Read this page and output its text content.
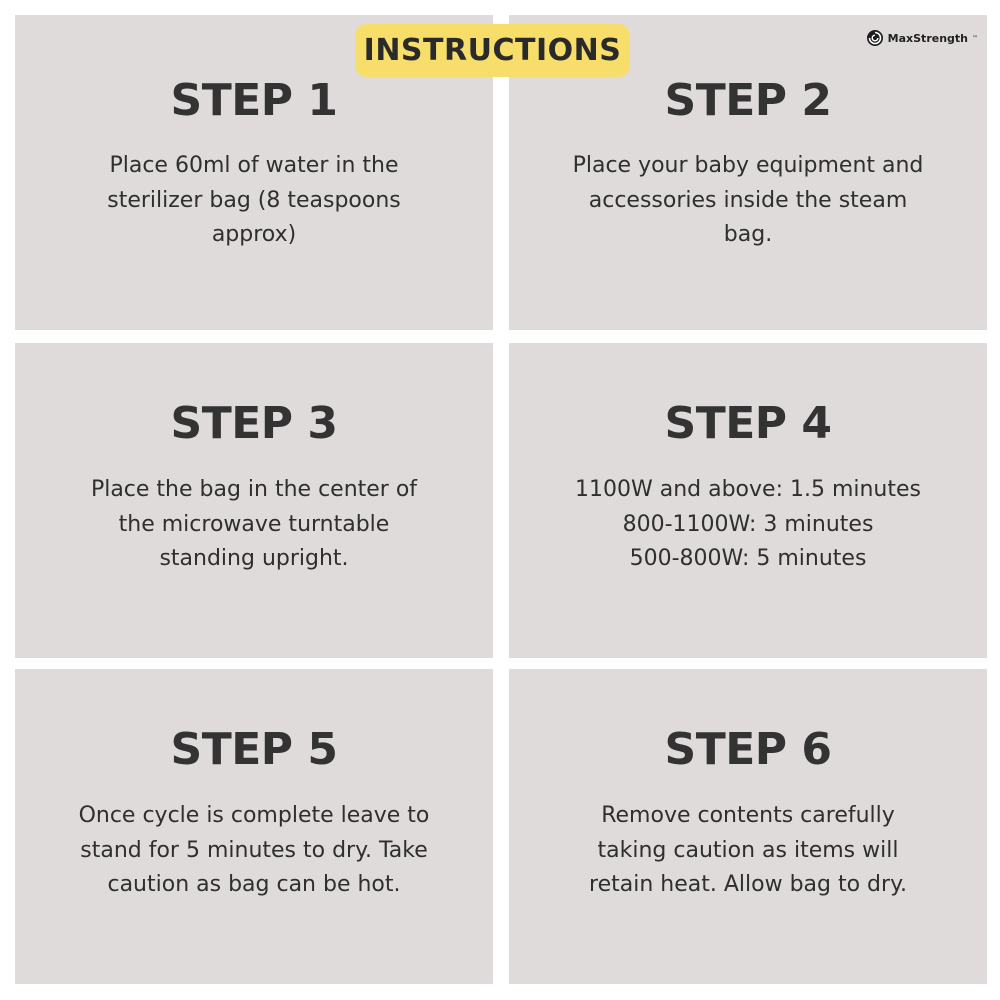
STEP 1
Place 60ml of water in the
sterilizer bag (8 teaspoons
approx)
STEP 2
Place your baby equipment and
accessories inside the steam
bag.
STEP 3
Place the bag in the center of
the microwave turntable
standing upright.
STEP 4
1100W and above: 1.5 minutes
800-1100W: 3 minutes
500-800W: 5 minutes
STEP 5
Once cycle is complete leave to
stand for 5 minutes to dry. Take
caution as bag can be hot.
STEP 6
Remove contents carefully
taking caution as items will
retain heat. Allow bag to dry.
INSTRUCTIONS	MaxStrength ™
